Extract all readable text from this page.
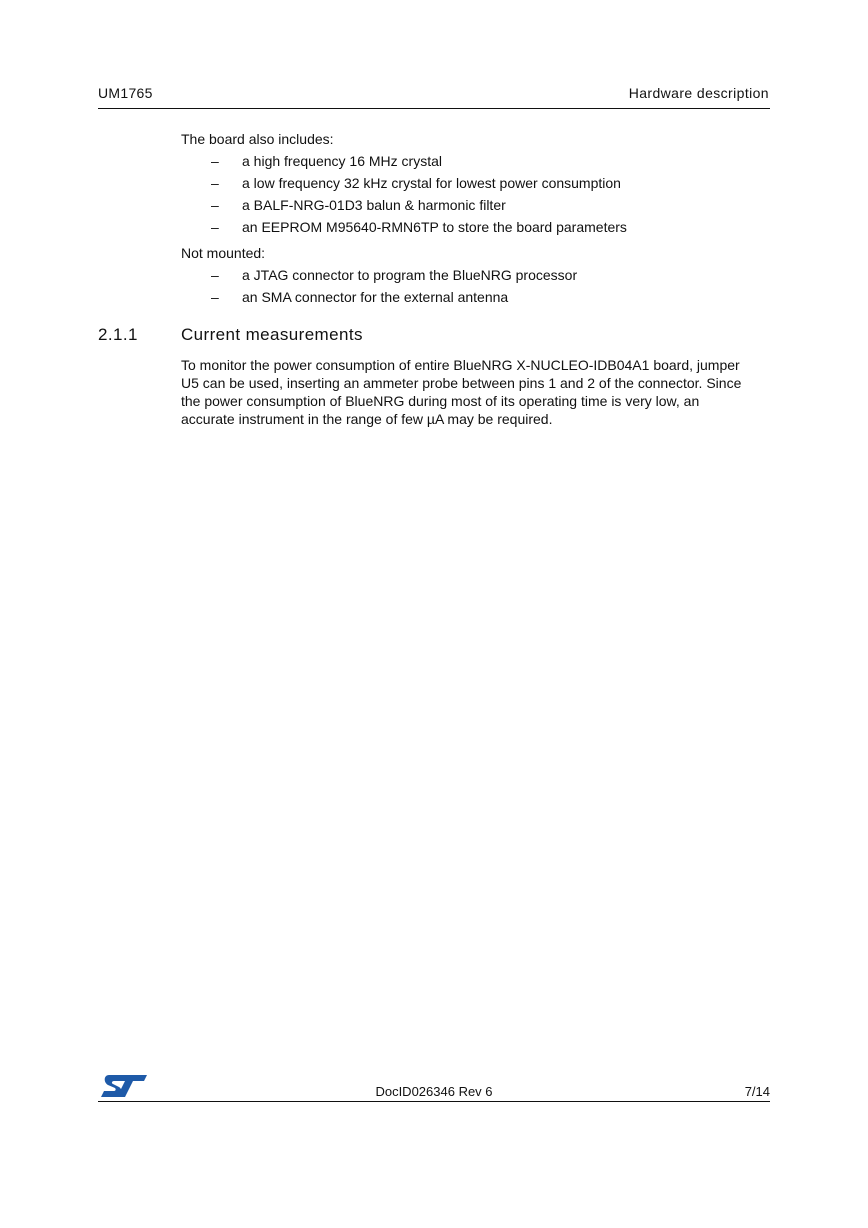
UM1765	Hardware description
The board also includes:
– a high frequency 16 MHz crystal
– a low frequency 32 kHz crystal for lowest power consumption
– a BALF-NRG-01D3 balun & harmonic filter
– an EEPROM M95640-RMN6TP to store the board parameters
Not mounted:
– a JTAG connector to program the BlueNRG processor
– an SMA connector for the external antenna
2.1.1	Current measurements
To monitor the power consumption of entire BlueNRG X-NUCLEO-IDB04A1 board, jumper
U5 can be used, inserting an ammeter probe between pins 1 and 2 of the connector. Since
the power consumption of BlueNRG during most of its operating time is very low, an
accurate instrument in the range of few µA may be required.
DocID026346 Rev 6	7/14
